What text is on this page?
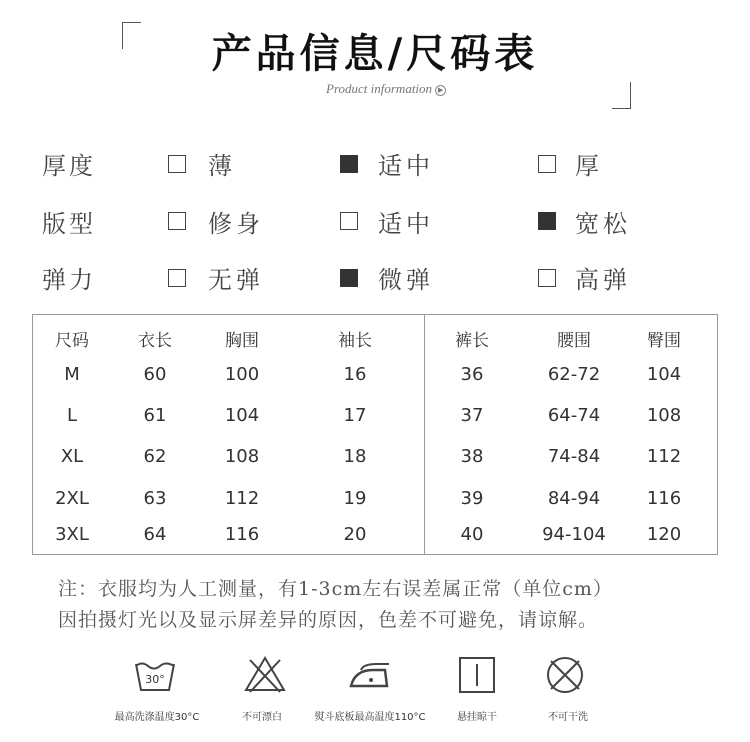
产品信息/尺码表
Product information ▶
厚度	薄	适中	厚
版型	修身	适中	宽松
弹力	无弹	微弹	高弹
尺码	衣长	胸围	袖长	裤长	腰围	臀围
M	60	100	16	36	62-72	104
L	61	104	17	37	64-74	108
XL	62	108	18	38	74-84	112
2XL	63	112	19	39	84-94	116
3XL	64	116	20	40	94-104	120
注：衣服均为人工测量，有1-3cm左右误差属正常（单位cm）
因拍摄灯光以及显示屏差异的原因，色差不可避免，请谅解。
30°
最高洗涤温度30°C	不可漂白	熨斗底板最高温度110°C	悬挂晾干	不可干洗
